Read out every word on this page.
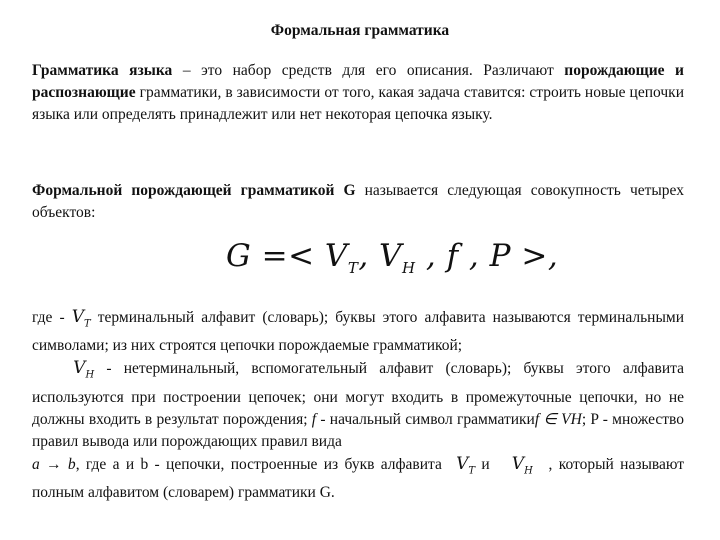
Формальная грамматика
Грамматика языка – это набор средств для его описания. Различают порождающие и распознающие грамматики, в зависимости от того, какая задача ставится: строить новые цепочки языка или определять принадлежит или нет некоторая цепочка языку.
Формальной порождающей грамматикой G называется следующая совокупность четырех объектов:
$G =< V_T$, $V_H$ , f , P >,
где - $V_T$ терминальный алфавит (словарь); буквы этого алфавита называются терминальными символами; из них строятся цепочки порождаемые грамматикой;
$V_H$ - нетерминальный, вспомогательный алфавит (словарь); буквы этого алфавита используются при построении цепочек; они могут входить в промежуточные цепочки, но не должны входить в результат порождения; f - начальный символ грамматикиf ∈ VH; P - множество правил вывода или порождающих правил вида
a → b, где a и b - цепочки, построенные из букв алфавита  $V_T$ и   $V_H$ , который называют полным алфавитом (словарем) грамматики G.
